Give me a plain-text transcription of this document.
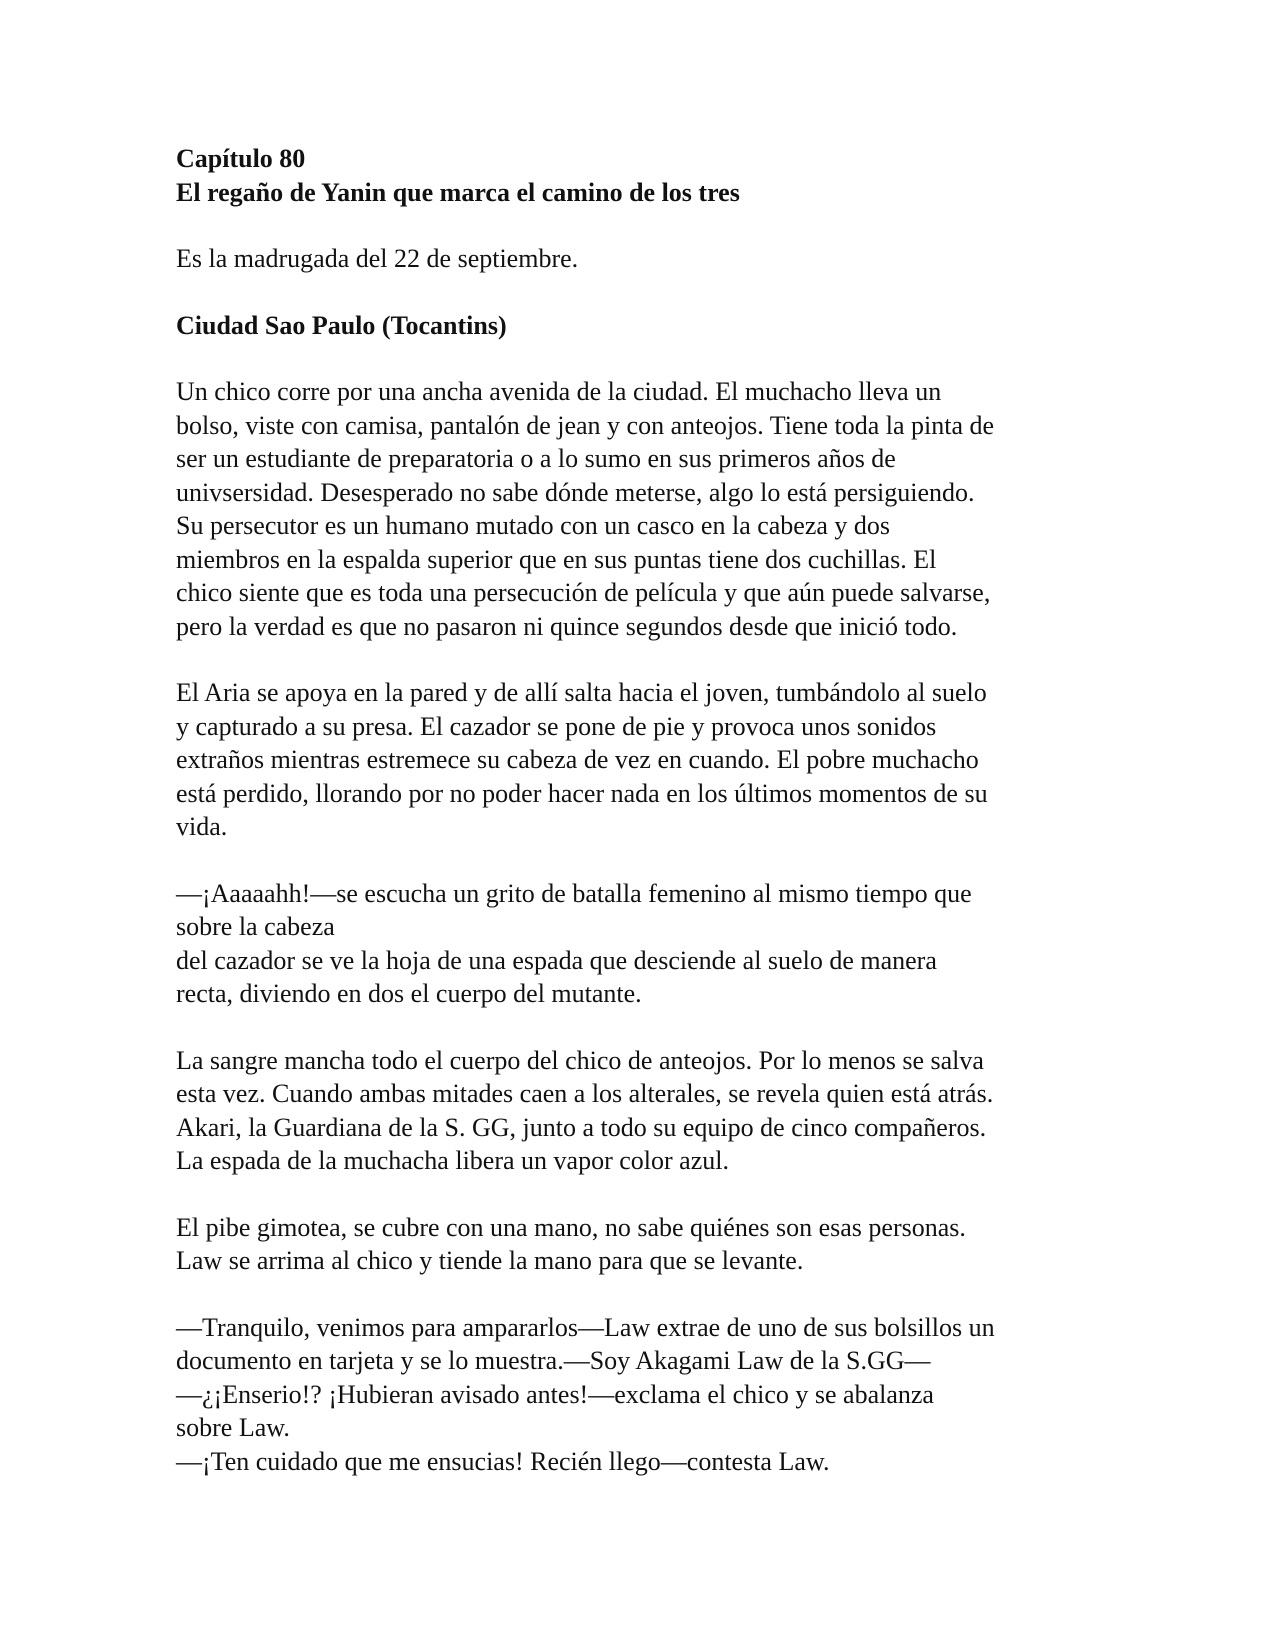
Capítulo 80

El regaño de Yanin que marca el camino de los tres

Es la madrugada del 22 de septiembre.

Ciudad Sao Paulo (Tocantins)

Un chico corre por una ancha avenida de la ciudad. El muchacho lleva un
bolso, viste con camisa, pantalón de jean y con anteojos. Tiene toda la pinta de
ser un estudiante de preparatoria o a lo sumo en sus primeros años de
univsersidad. Desesperado no sabe dónde meterse, algo lo está persiguiendo.
Su persecutor es un humano mutado con un casco en la cabeza y dos
miembros en la espalda superior que en sus puntas tiene dos cuchillas. El
chico siente que es toda una persecución de película y que aún puede salvarse,
pero la verdad es que no pasaron ni quince segundos desde que inició todo.

El Aria se apoya en la pared y de allí salta hacia el joven, tumbándolo al suelo
y capturado a su presa. El cazador se pone de pie y provoca unos sonidos
extraños mientras estremece su cabeza de vez en cuando. El pobre muchacho
está perdido, llorando por no poder hacer nada en los últimos momentos de su
vida.

—¡Aaaaahh!—se escucha un grito de batalla femenino al mismo tiempo que
sobre la cabeza
del cazador se ve la hoja de una espada que desciende al suelo de manera
recta, diviendo en dos el cuerpo del mutante.

La sangre mancha todo el cuerpo del chico de anteojos. Por lo menos se salva
esta vez. Cuando ambas mitades caen a los alterales, se revela quien está atrás.
Akari, la Guardiana de la S. GG, junto a todo su equipo de cinco compañeros.
La espada de la muchacha libera un vapor color azul.

El pibe gimotea, se cubre con una mano, no sabe quiénes son esas personas.
Law se arrima al chico y tiende la mano para que se levante.

—Tranquilo, venimos para ampararlos—Law extrae de uno de sus bolsillos un
documento en tarjeta y se lo muestra.—Soy Akagami Law de la S.GG—
—¿¡Enserio!? ¡Hubieran avisado antes!—exclama el chico y se abalanza
sobre Law.
—¡Ten cuidado que me ensucias! Recién llego—contesta Law.
